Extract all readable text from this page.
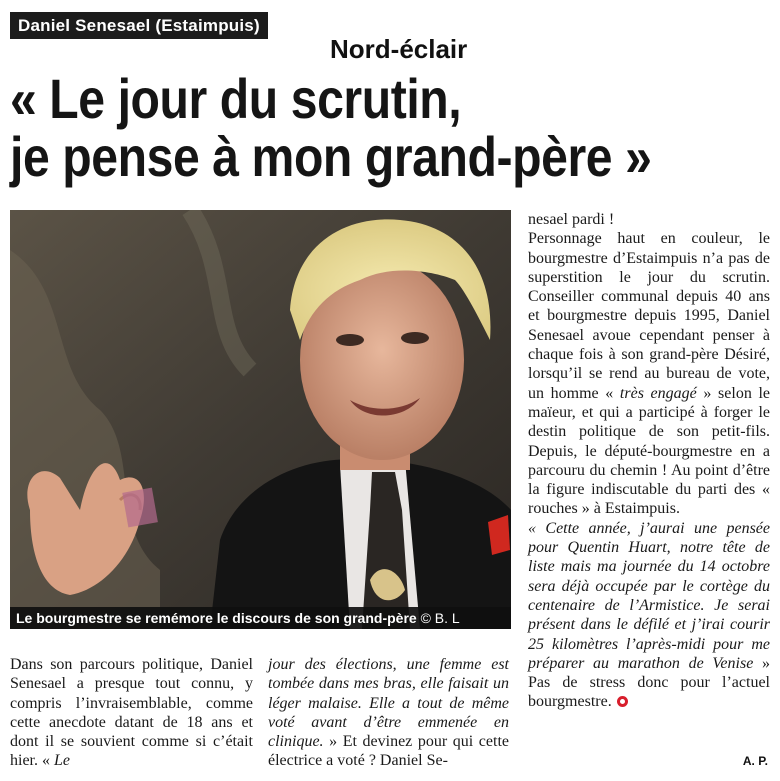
Daniel Senesael (Estaimpuis)
Nord-éclair
« Le jour du scrutin,
je pense à mon grand-père »
Le bourgmestre se remémore le discours de son grand-père © B. L

Dans son parcours politique, Daniel Senesael a presque tout connu, y compris l’invraisemblable, comme cette anecdote datant de 18 ans et dont il se souvient comme si c’était hier. « Le

jour des élections, une femme est tombée dans mes bras, elle faisait un léger malaise. Elle a tout de même voté avant d’être emmenée en clinique. » Et devinez pour qui cette électrice a voté ? Daniel Se-

nesael pardi !

Personnage haut en couleur, le bourgmestre d’Estaimpuis n’a pas de superstition le jour du scrutin. Conseiller communal depuis 40 ans et bourgmestre depuis 1995, Daniel Senesael avoue cependant penser à chaque fois à son grand-père Désiré, lorsqu’il se rend au bureau de vote, un homme « très engagé » selon le maïeur, et qui a participé à forger le destin politique de son petit-fils. Depuis, le député-bourgmestre en a parcouru du chemin ! Au point d’être la figure indiscutable du parti des « rouches » à Estaimpuis.

« Cette année, j’aurai une pensée pour Quentin Huart, notre tête de liste mais ma journée du 14 octobre sera déjà occupée par le cortège du centenaire de l’Armistice. Je serai présent dans le défilé et j’irai courir 25 kilomètres l’après-midi pour me préparer au marathon de Venise » Pas de stress donc pour l’actuel bourgmestre.

A. P.
